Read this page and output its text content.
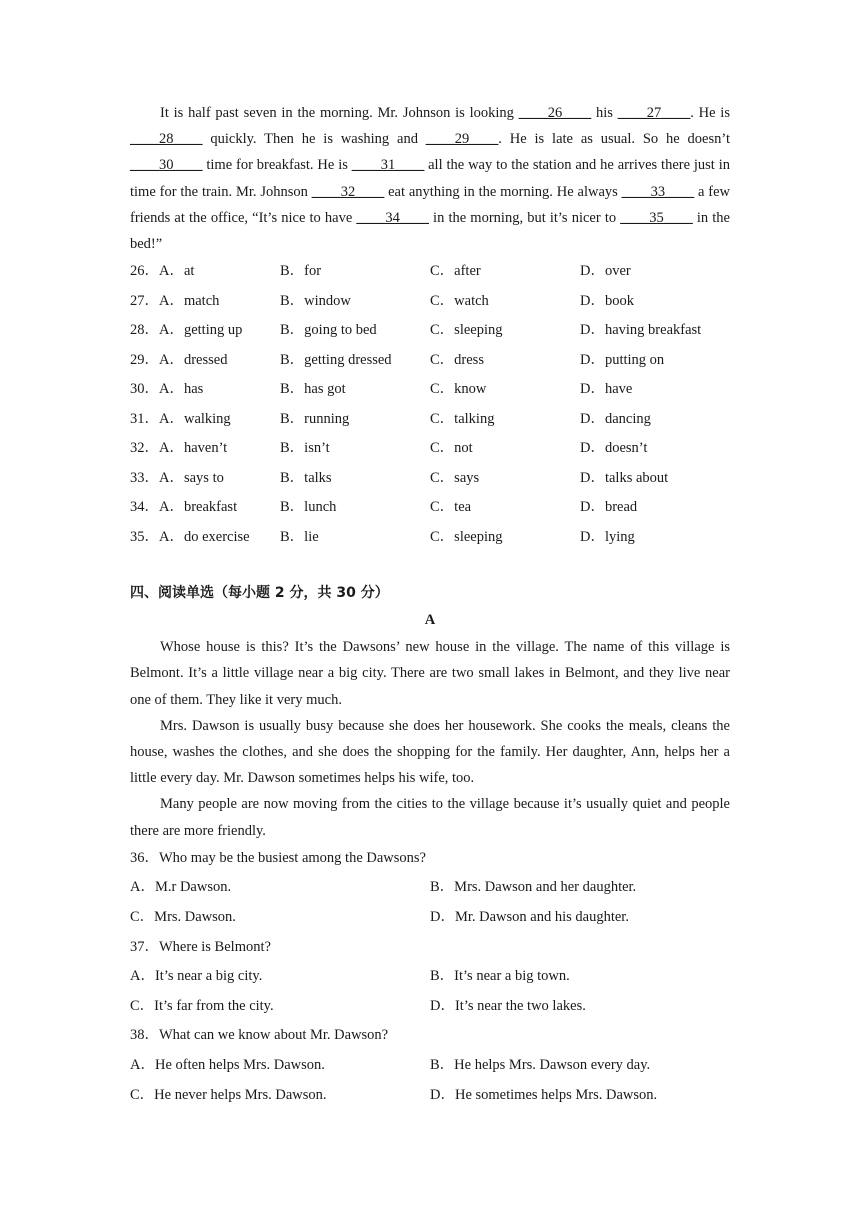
It is half past seven in the morning. Mr. Johnson is looking ____26____ his ____27____. He is ____28____ quickly. Then he is washing and ____29____. He is late as usual. So he doesn’t ____30____ time for breakfast. He is ____31____ all the way to the station and he arrives there just in time for the train. Mr. Johnson ____32____ eat anything in the morning. He always ____33____ a few friends at the office, “It’s nice to have ____34____ in the morning, but it’s nicer to ____35____ in the bed!”

26．A．at	B．for	C．after	D．over
27．A．match	B．window	C．watch	D．book
28．A．getting up	B．going to bed	C．sleeping	D．having breakfast
29．A．dressed	B．getting dressed	C．dress	D．putting on
30．A．has	B．has got	C．know	D．have
31．A．walking	B．running	C．talking	D．dancing
32．A．haven’t	B．isn’t	C．not	D．doesn’t
33．A．says to	B．talks	C．says	D．talks about
34．A．breakfast	B．lunch	C．tea	D．bread
35．A．do exercise	B．lie	C．sleeping	D．lying
四、阅读单选（每小题 2 分，共 30 分）
A

Whose house is this? It’s the Dawsons’ new house in the village. The name of this village is Belmont. It’s a little village near a big city. There are two small lakes in Belmont, and they live near one of them. They like it very much.

Mrs. Dawson is usually busy because she does her housework. She cooks the meals, cleans the house, washes the clothes, and she does the shopping for the family. Her daughter, Ann, helps her a little every day. Mr. Dawson sometimes helps his wife, too.

Many people are now moving from the cities to the village because it’s usually quiet and people there are more friendly.

36．Who may be the busiest among the Dawsons?
A．M.r Dawson.	B．Mrs. Dawson and her daughter.
C．Mrs. Dawson.	D．Mr. Dawson and his daughter.
37．Where is Belmont?
A．It’s near a big city.	B．It’s near a big town.
C．It’s far from the city.	D．It’s near the two lakes.
38．What can we know about Mr. Dawson?
A．He often helps Mrs. Dawson.	B．He helps Mrs. Dawson every day.
C．He never helps Mrs. Dawson.	D．He sometimes helps Mrs. Dawson.
